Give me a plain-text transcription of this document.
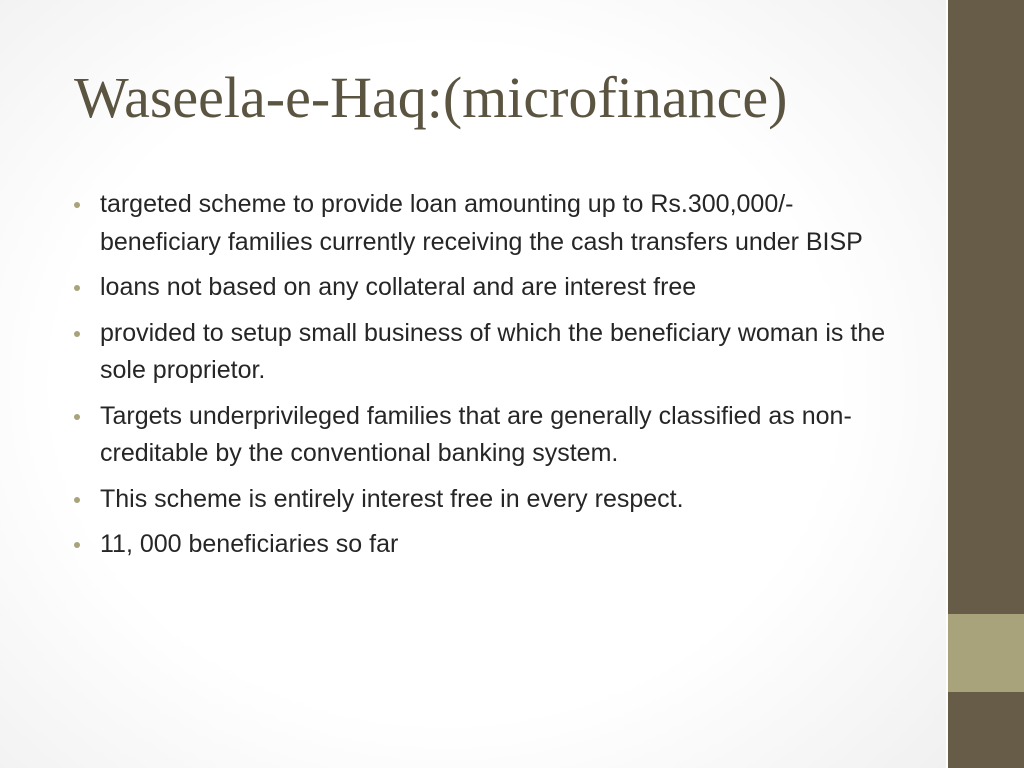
Waseela-e-Haq:(microfinance)
targeted scheme to provide loan amounting up to Rs.300,000/- beneficiary families currently receiving the cash transfers under BISP
loans not based on any collateral and are interest free
provided to setup small business of which the beneficiary woman is the sole proprietor.
Targets underprivileged families that are generally classified as non-creditable by the conventional banking system.
This scheme is entirely interest free in every respect.
11, 000 beneficiaries so far
